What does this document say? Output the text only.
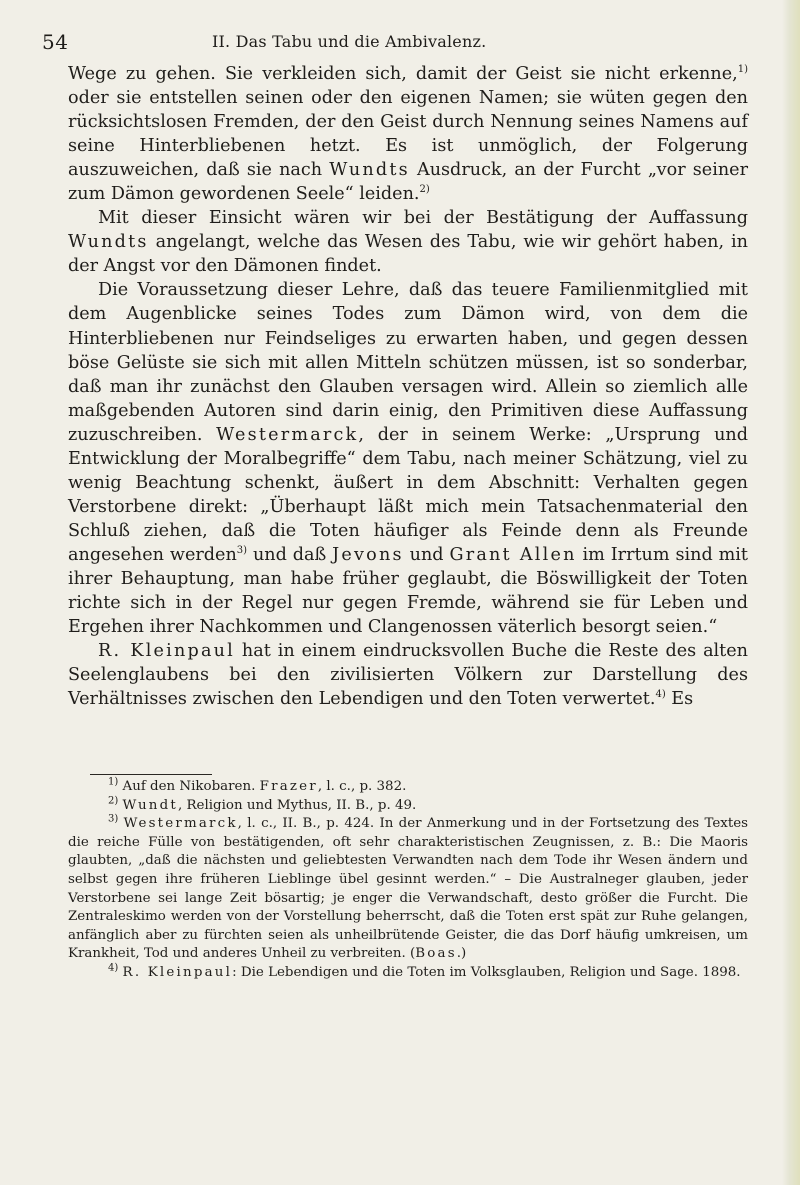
54	II. Das Tabu und die Ambivalenz.

Wege zu gehen. Sie verkleiden sich, damit der Geist sie nicht erkenne,$^{1)}$ oder sie entstellen seinen oder den eigenen Namen; sie wüten gegen den rücksichtslosen Fremden, der den Geist durch Nennung seines Namens auf seine Hinterbliebenen hetzt. Es ist unmöglich, der Folgerung auszuweichen, daß sie nach Wundts Ausdruck, an der Furcht „vor seiner zum Dämon gewordenen Seele“ leiden.$^{2)}$

Mit dieser Einsicht wären wir bei der Bestätigung der Auffassung Wundts angelangt, welche das Wesen des Tabu, wie wir gehört haben, in der Angst vor den Dämonen findet.

Die Voraussetzung dieser Lehre, daß das teuere Familienmitglied mit dem Augenblicke seines Todes zum Dämon wird, von dem die Hinterbliebenen nur Feindseliges zu erwarten haben, und gegen dessen böse Gelüste sie sich mit allen Mitteln schützen müssen, ist so sonderbar, daß man ihr zunächst den Glauben versagen wird. Allein so ziemlich alle maßgebenden Autoren sind darin einig, den Primitiven diese Auffassung zuzuschreiben. Westermarck, der in seinem Werke: „Ursprung und Entwicklung der Moralbegriffe“ dem Tabu, nach meiner Schätzung, viel zu wenig Beachtung schenkt, äußert in dem Abschnitt: Verhalten gegen Verstorbene direkt: „Überhaupt läßt mich mein Tatsachenmaterial den Schluß ziehen, daß die Toten häufiger als Feinde denn als Freunde angesehen werden$^{3)}$ und daß Jevons und Grant Allen im Irrtum sind mit ihrer Behauptung, man habe früher geglaubt, die Böswilligkeit der Toten richte sich in der Regel nur gegen Fremde, während sie für Leben und Ergehen ihrer Nachkommen und Clangenossen väterlich besorgt seien.“

R. Kleinpaul hat in einem eindrucksvollen Buche die Reste des alten Seelenglaubens bei den zivilisierten Völkern zur Darstellung des Verhältnisses zwischen den Lebendigen und den Toten verwertet.$^{4)}$ Es

$^{1)}$ Auf den Nikobaren. Frazer, l. c., p. 382.

$^{2)}$ Wundt, Religion und Mythus, II. B., p. 49.

$^{3)}$ Westermarck, l. c., II. B., p. 424. In der Anmerkung und in der Fortsetzung des Textes die reiche Fülle von bestätigenden, oft sehr charakteristischen Zeugnissen, z. B.: Die Maoris glaubten, „daß die nächsten und geliebtesten Verwandten nach dem Tode ihr Wesen ändern und selbst gegen ihre früheren Lieblinge übel gesinnt werden.“ – Die Australneger glauben, jeder Verstorbene sei lange Zeit bösartig; je enger die Verwandschaft, desto größer die Furcht. Die Zentraleskimo werden von der Vorstellung beherrscht, daß die Toten erst spät zur Ruhe gelangen, anfänglich aber zu fürchten seien als unheilbrütende Geister, die das Dorf häufig umkreisen, um Krankheit, Tod und anderes Unheil zu verbreiten. (Boas.)

$^{4)}$ R. Kleinpaul: Die Lebendigen und die Toten im Volksglauben, Religion und Sage. 1898.
